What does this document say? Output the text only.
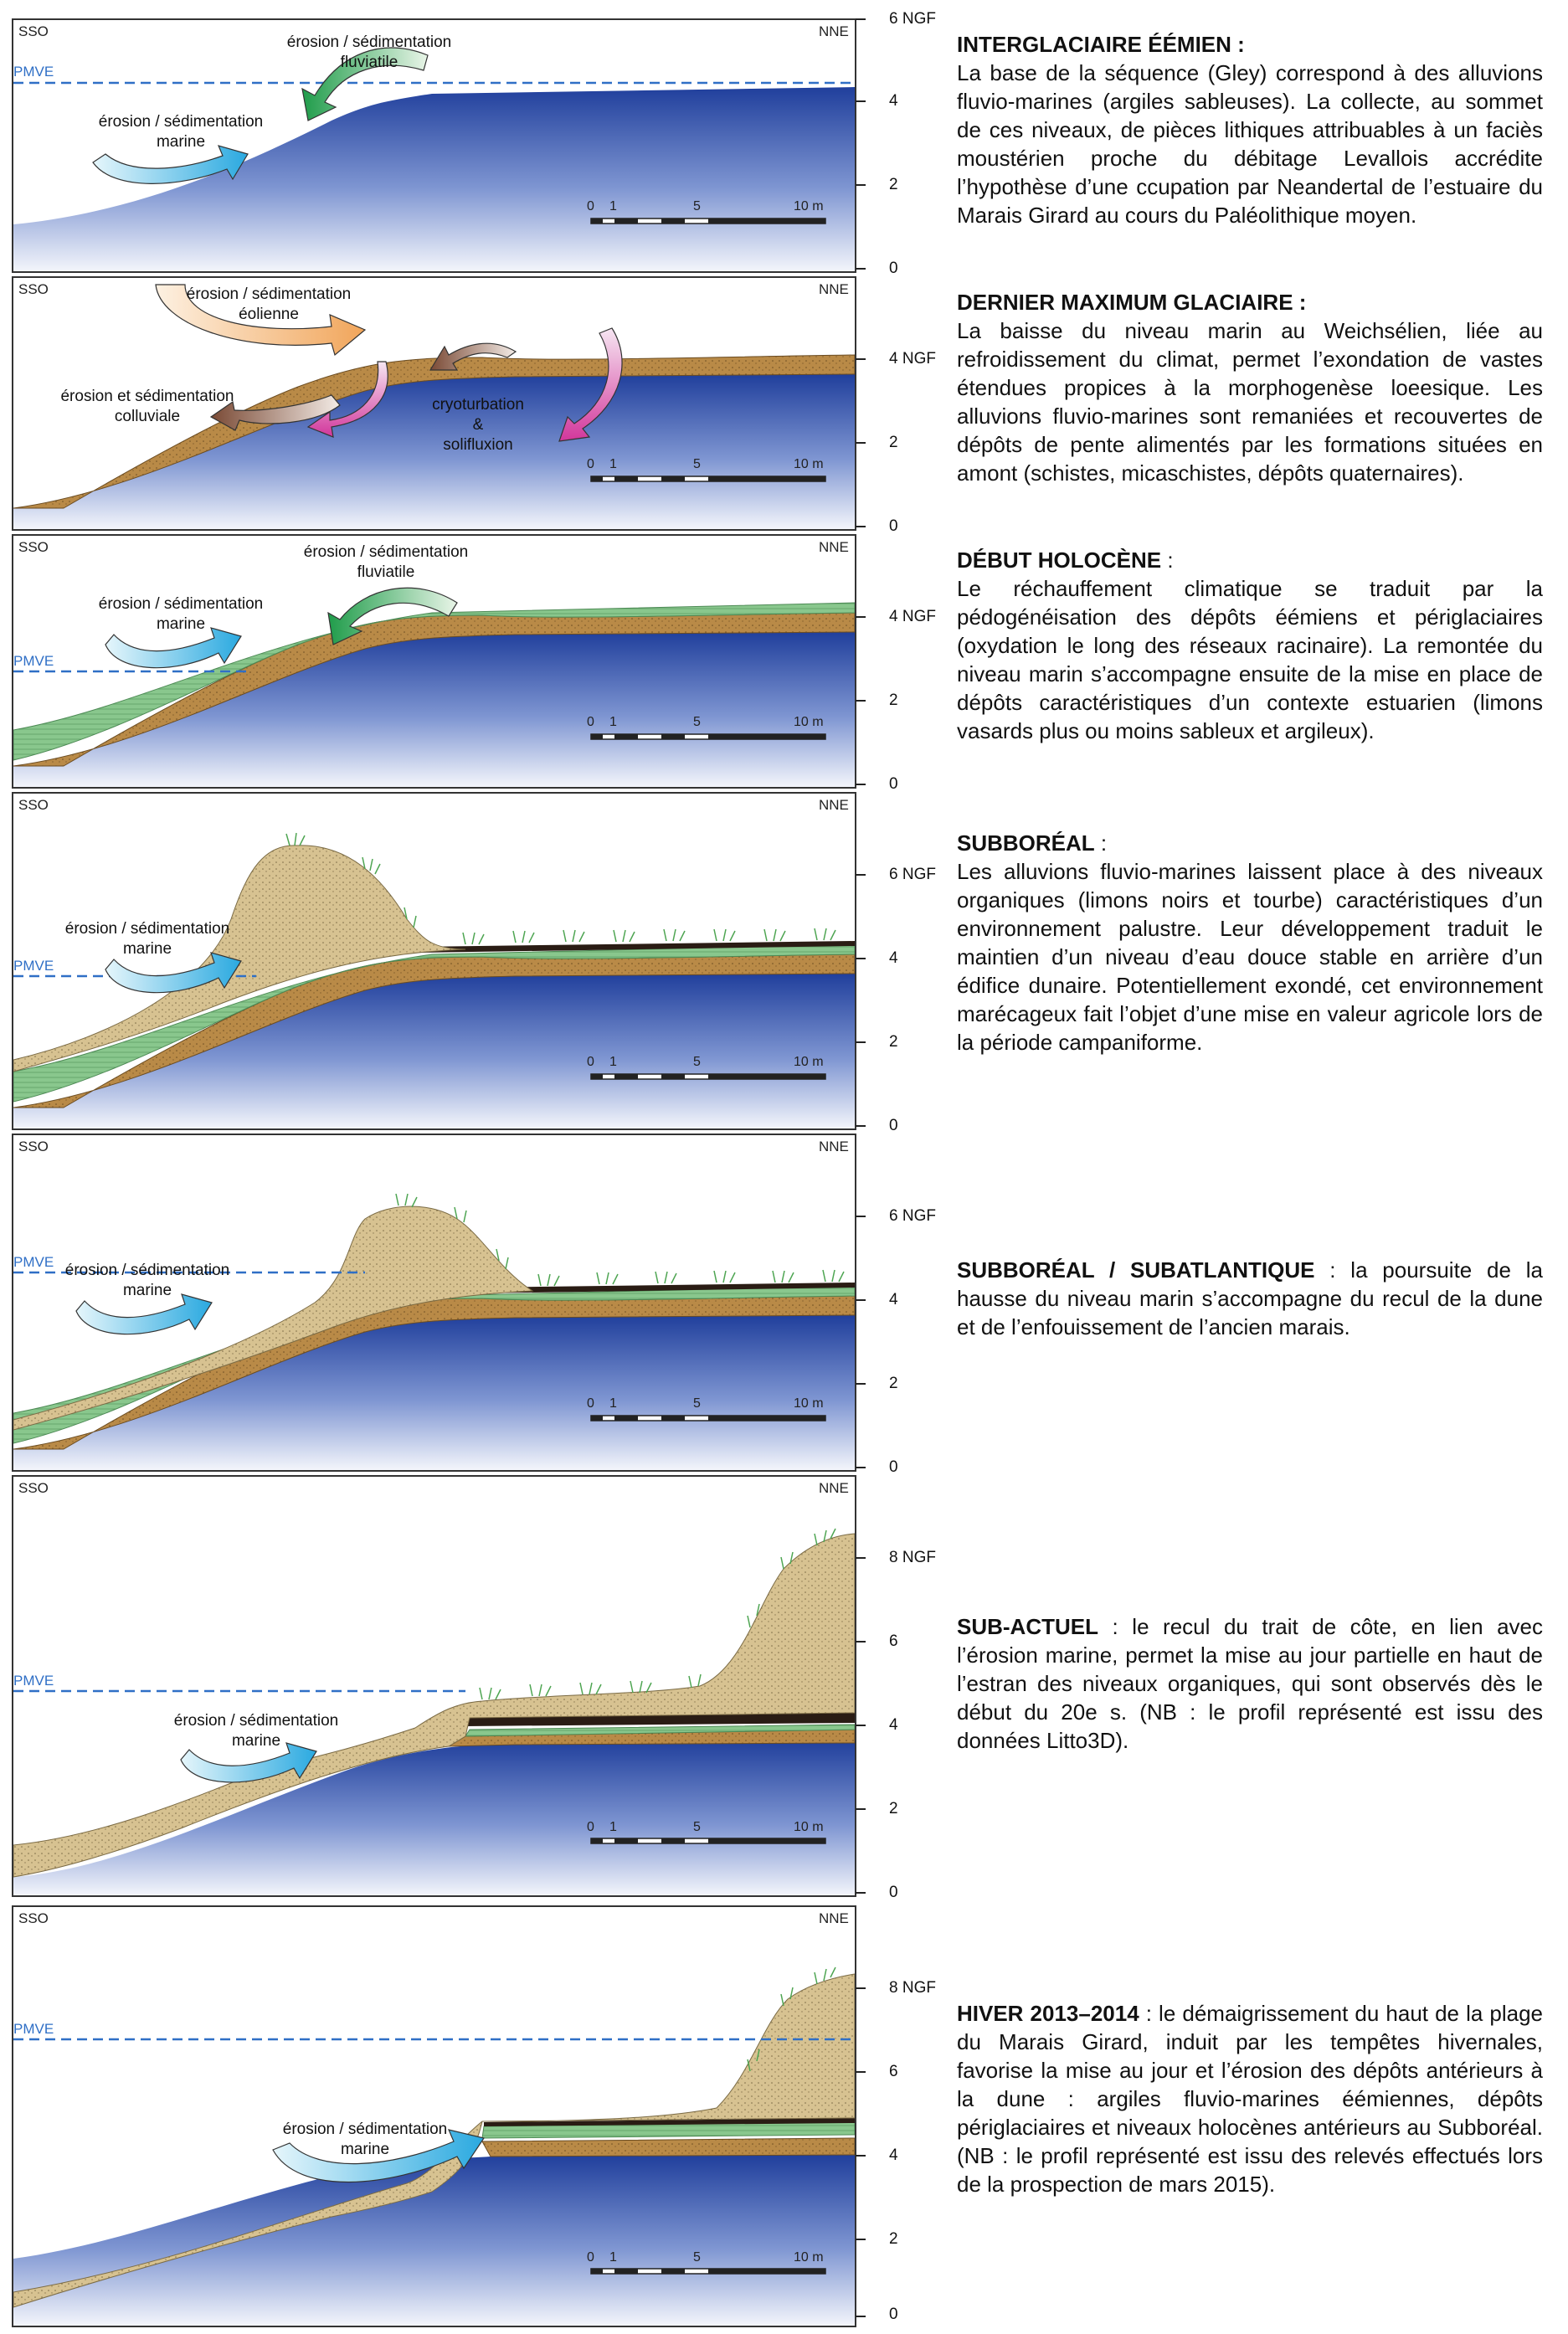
SSO	NNE
PMVE
érosion / sédimentation
fluviatile
érosion / sédimentation
marine
0 1	5	10 m
6 NGF
4
2
0
INTERGLACIAIRE ÉÉMIEN :
La base de la séquence (Gley) correspond à des alluvions fluvio-marines (argiles sableuses). La collecte, au sommet de ces niveaux, de pièces lithiques attribuables à un faciès moustérien proche du débitage Levallois accrédite l’hypothèse d’une ccupation par Neandertal de l’estuaire du Marais Girard au cours du Paléolithique moyen.
SSO	NNE
érosion / sédimentation
éolienne
érosion et sédimentation
colluviale
cryoturbation
&
solifluxion
0 1	5	10 m
4 NGF
2
0
DERNIER MAXIMUM GLACIAIRE :
La baisse du niveau marin au Weichsélien, liée au refroidissement du climat, permet l’exondation de vastes étendues propices à la morphogenèse loeesique. Les alluvions fluvio-marines sont remaniées et recouvertes de dépôts de pente alimentés par les formations situées en amont (schistes, micaschistes, dépôts quaternaires).
SSO	NNE
PMVE
érosion / sédimentation
fluviatile
érosion / sédimentation
marine
0 1	5	10 m
4 NGF
2
0
DÉBUT HOLOCÈNE :
Le réchauffement climatique se traduit par la pédogénéisation des dépôts éémiens et périglaciaires (oxydation le long des réseaux racinaire). La remontée du niveau marin s’accompagne ensuite de la mise en place de dépôts caractéristiques d’un contexte estuarien (limons vasards plus ou moins sableux et argileux).
SSO	NNE
PMVE
érosion / sédimentation
marine
0 1	5	10 m
6 NGF
4
2
0
SUBBORÉAL :
Les alluvions fluvio-marines laissent place à des niveaux organiques (limons noirs et tourbe) caractéristiques d’un environnement palustre. Leur développement traduit le maintien d’un niveau d’eau douce stable en arrière d’un édifice dunaire. Potentiellement exondé, cet environnement marécageux fait l’objet d’une mise en valeur agricole lors de la période campaniforme.
SSO	NNE
PMVE érosion / sédimentation
marine
0 1	5	10 m
6 NGF
4
2
0
SUBBORÉAL / SUBATLANTIQUE : la poursuite de la hausse du niveau marin s’accompagne du recul de la dune et de l’enfouissement de l’ancien marais.
SSO	NNE
PMVE
érosion / sédimentation
marine
0 1	5	10 m
8 NGF
6
4
2
0
SUB-ACTUEL : le recul du trait de côte, en lien avec l’érosion marine, permet la mise au jour partielle en haut de l’estran des niveaux organiques, qui sont observés dès le début du 20e s. (NB : le profil représenté est issu des données Litto3D).
SSO	NNE
PMVE
érosion / sédimentation
marine
0 1	5	10 m
8 NGF
6
4
2
0
HIVER 2013–2014 : le démaigrissement du haut de la plage du Marais Girard, induit par les tempêtes hivernales, favorise la mise au jour et l’érosion des dépôts antérieurs à la dune : argiles fluvio-marines éémiennes, dépôts périglaciaires et niveaux holocènes antérieurs au Subboréal. (NB : le profil représenté est issu des relevés effectués lors de la prospection de mars 2015).
